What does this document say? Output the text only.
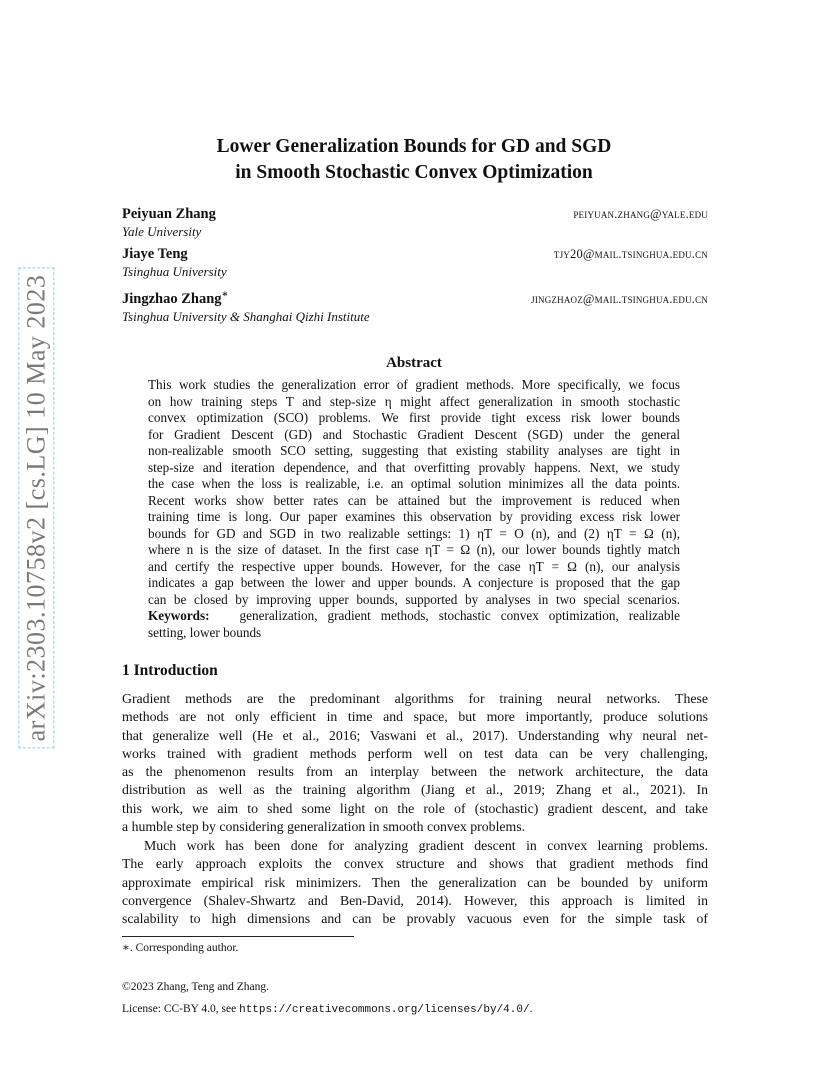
arXiv:2303.10758v2 [cs.LG] 10 May 2023
Lower Generalization Bounds for GD and SGD
in Smooth Stochastic Convex Optimization
Peiyuan Zhang	peiyuan.zhang@yale.edu
Yale University
Jiaye Teng	tjy20@mail.tsinghua.edu.cn
Tsinghua University
Jingzhao Zhang∗	jingzhaoz@mail.tsinghua.edu.cn
Tsinghua University & Shanghai Qizhi Institute
Abstract
This work studies the generalization error of gradient methods. More specifically, we focus
on how training steps T and step-size η might affect generalization in smooth stochastic
convex optimization (SCO) problems. We first provide tight excess risk lower bounds
for Gradient Descent (GD) and Stochastic Gradient Descent (SGD) under the general
non-realizable smooth SCO setting, suggesting that existing stability analyses are tight in
step-size and iteration dependence, and that overfitting provably happens. Next, we study
the case when the loss is realizable, i.e. an optimal solution minimizes all the data points.
Recent works show better rates can be attained but the improvement is reduced when
training time is long. Our paper examines this observation by providing excess risk lower
bounds for GD and SGD in two realizable settings: 1) ηT = O (n), and (2) ηT = Ω (n),
where n is the size of dataset. In the first case ηT = Ω (n), our lower bounds tightly match
and certify the respective upper bounds. However, for the case ηT = Ω (n), our analysis
indicates a gap between the lower and upper bounds. A conjecture is proposed that the gap
can be closed by improving upper bounds, supported by analyses in two special scenarios.
Keywords: generalization, gradient methods, stochastic convex optimization, realizable
setting, lower bounds
1 Introduction
Gradient methods are the predominant algorithms for training neural networks. These
methods are not only efficient in time and space, but more importantly, produce solutions
that generalize well (He et al., 2016; Vaswani et al., 2017). Understanding why neural net-
works trained with gradient methods perform well on test data can be very challenging,
as the phenomenon results from an interplay between the network architecture, the data
distribution as well as the training algorithm (Jiang et al., 2019; Zhang et al., 2021). In
this work, we aim to shed some light on the role of (stochastic) gradient descent, and take
a humble step by considering generalization in smooth convex problems.
Much work has been done for analyzing gradient descent in convex learning problems.
The early approach exploits the convex structure and shows that gradient methods find
approximate empirical risk minimizers. Then the generalization can be bounded by uniform
convergence (Shalev-Shwartz and Ben-David, 2014). However, this approach is limited in
scalability to high dimensions and can be provably vacuous even for the simple task of
∗. Corresponding author.
©2023 Zhang, Teng and Zhang.
License: CC-BY 4.0, see https://creativecommons.org/licenses/by/4.0/.
